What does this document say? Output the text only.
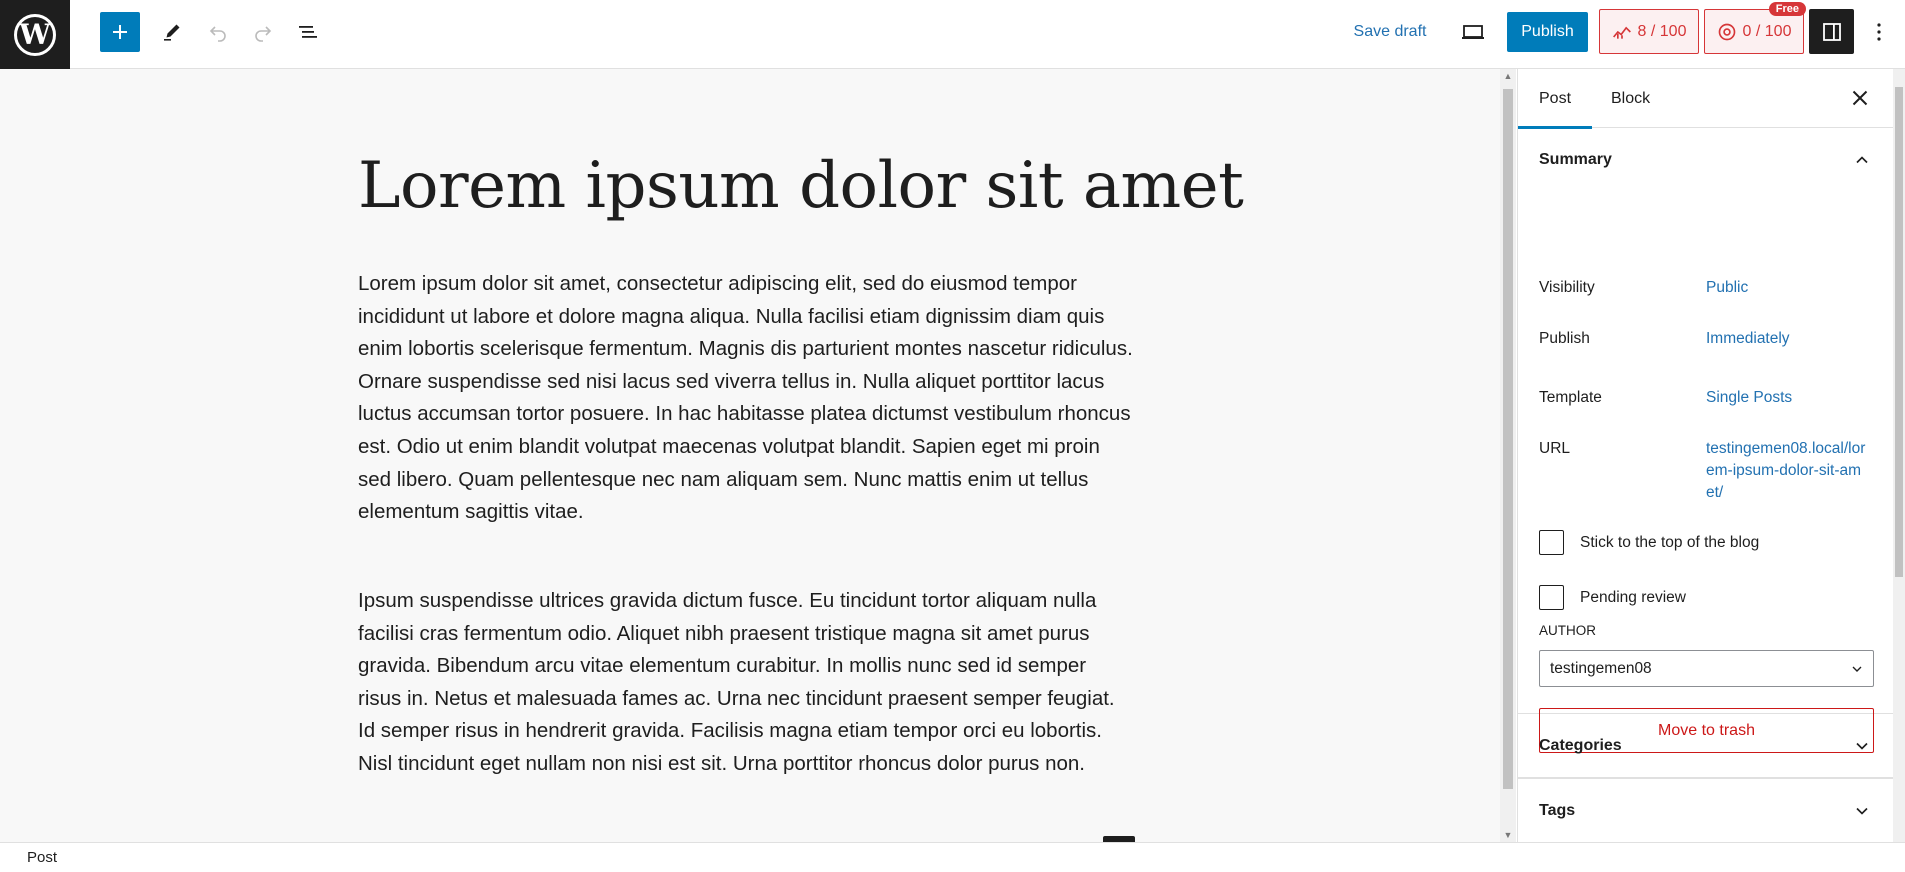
W	Save draft	Publish	8 / 100	0 / 100
Free
Lorem ipsum dolor sit amet

Lorem ipsum dolor sit amet, consectetur adipiscing elit, sed do eiusmod tempor incididunt ut labore et dolore magna aliqua. Nulla facilisi etiam dignissim diam quis enim lobortis scelerisque fermentum. Magnis dis parturient montes nascetur ridiculus. Ornare suspendisse sed nisi lacus sed viverra tellus in. Nulla aliquet porttitor lacus luctus accumsan tortor posuere. In hac habitasse platea dictumst vestibulum rhoncus est. Odio ut enim blandit volutpat maecenas volutpat blandit. Sapien eget mi proin sed libero. Quam pellentesque nec nam aliquam sem. Nunc mattis enim ut tellus elementum sagittis vitae.

Ipsum suspendisse ultrices gravida dictum fusce. Eu tincidunt tortor aliquam nulla facilisi cras fermentum odio. Aliquet nibh praesent tristique magna sit amet purus gravida. Bibendum arcu vitae elementum curabitur. In mollis nunc sed id semper risus in. Netus et malesuada fames ac. Urna nec tincidunt praesent semper feugiat. Id semper risus in hendrerit gravida. Facilisis magna etiam tempor orci eu lobortis. Nisl tincidunt eget nullam non nisi est sit. Urna porttitor rhoncus dolor purus non.

▲
▼
Post Block
Summary
Visibility	Public
Publish	Immediately
Template	Single Posts
URL	testingemen08.local/lorem-ipsum-dolor-sit-amet/
Stick to the top of the blog
Pending review
AUTHOR
testingemen08
Move to trash
Categories
Tags
Post
